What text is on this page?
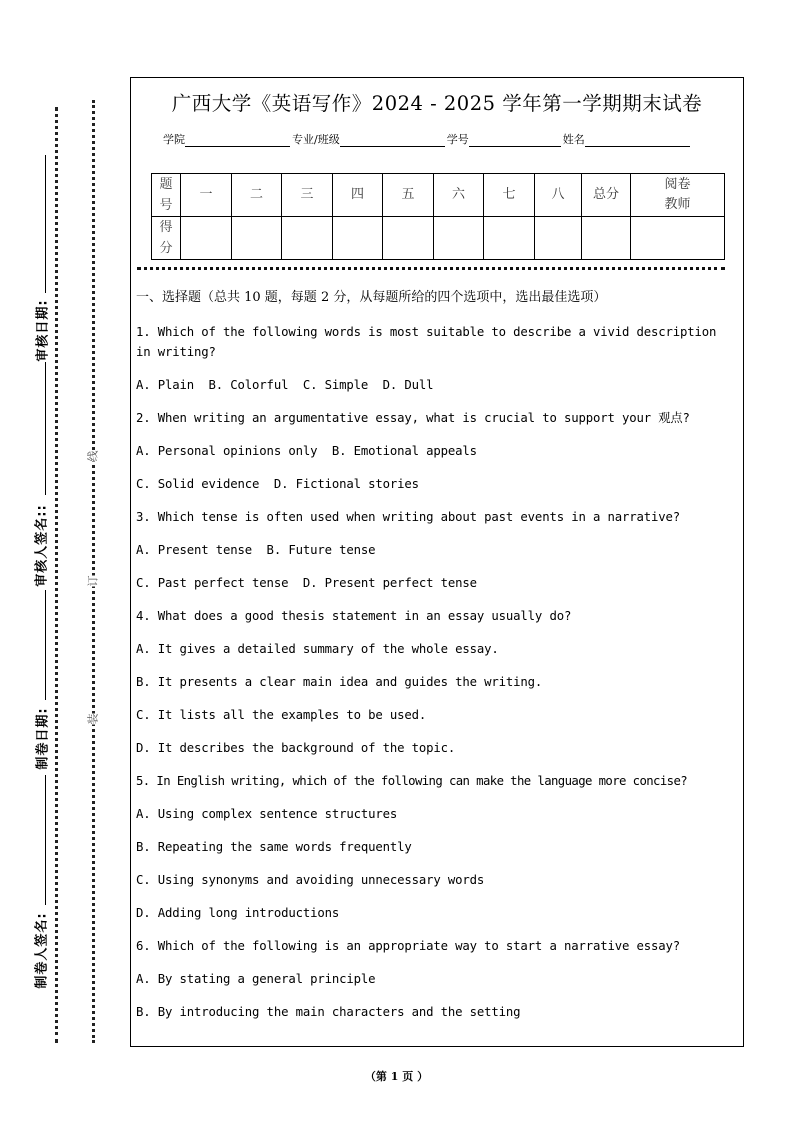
审核日期:
审核人签名::
制卷日期:
制卷人签名:
线
订
装
广西大学《英语写作》2024 - 2025 学年第一学期期末试卷
学院	专业/班级	学号	姓名
题号	一	二	三	四	五	六	七	八	总分	阅卷教师
得分										
一、选择题（总共 10 题，每题 2 分，从每题所给的四个选项中，选出最佳选项）
1. Which of the following words is most suitable to describe a vivid description
in writing?
A. Plain  B. Colorful  C. Simple  D. Dull
2. When writing an argumentative essay, what is crucial to support your 观点?
A. Personal opinions only  B. Emotional appeals
C. Solid evidence  D. Fictional stories
3. Which tense is often used when writing about past events in a narrative?
A. Present tense  B. Future tense
C. Past perfect tense  D. Present perfect tense
4. What does a good thesis statement in an essay usually do?
A. It gives a detailed summary of the whole essay.
B. It presents a clear main idea and guides the writing.
C. It lists all the examples to be used.
D. It describes the background of the topic.
5. In English writing, which of the following can make the language more concise?
A. Using complex sentence structures
B. Repeating the same words frequently
C. Using synonyms and avoiding unnecessary words
D. Adding long introductions
6. Which of the following is an appropriate way to start a narrative essay?
A. By stating a general principle
B. By introducing the main characters and the setting
（第 1 页 ）
